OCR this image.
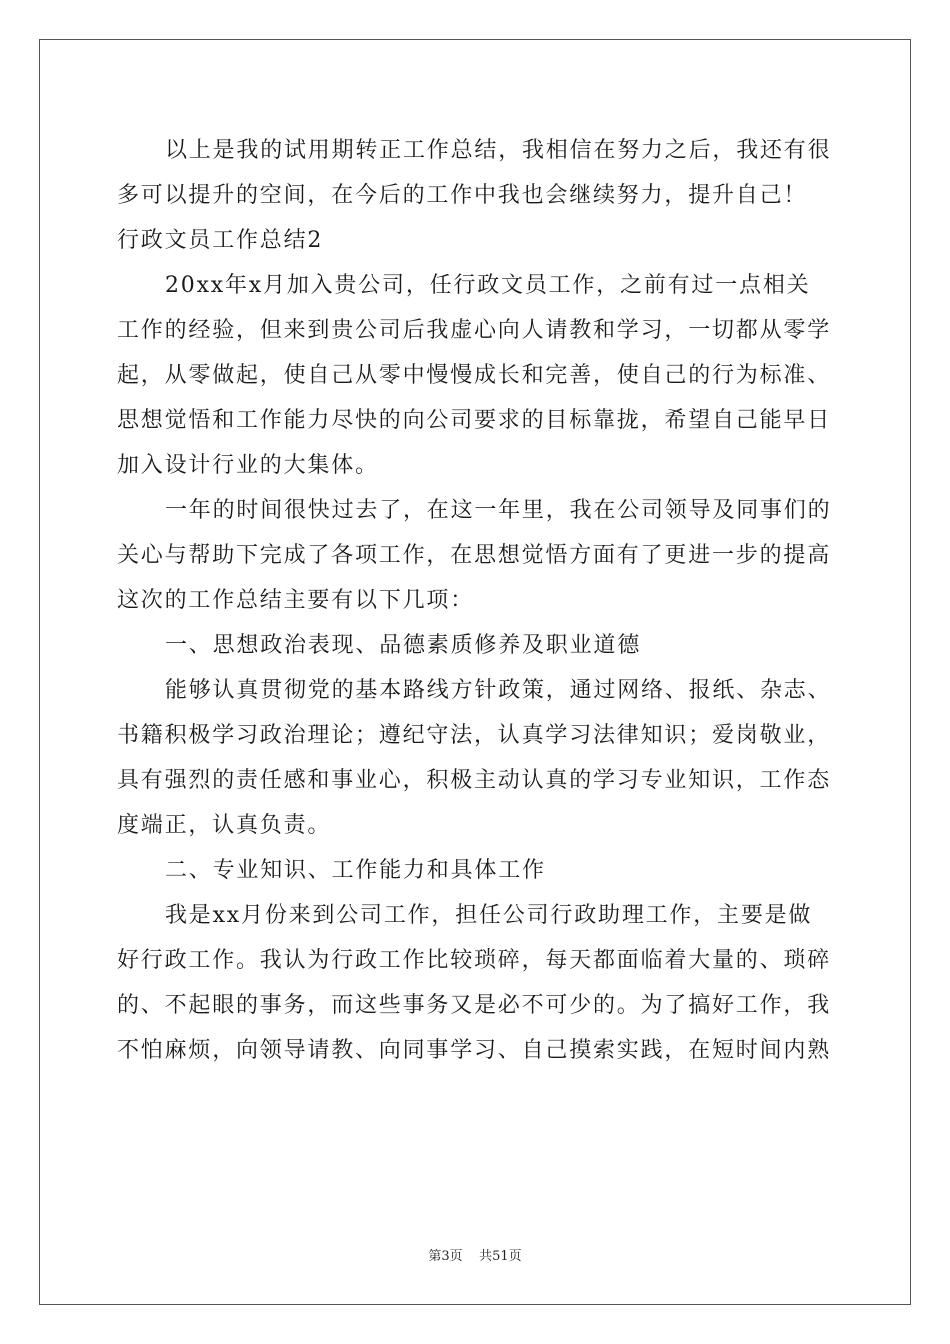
以上是我的试用期转正工作总结，我相信在努力之后，我还有很
多可以提升的空间，在今后的工作中我也会继续努力，提升自己！
行政文员工作总结2
20xx年x月加入贵公司，任行政文员工作，之前有过一点相关
工作的经验，但来到贵公司后我虚心向人请教和学习，一切都从零学
起，从零做起，使自己从零中慢慢成长和完善，使自己的行为标准、
思想觉悟和工作能力尽快的向公司要求的目标靠拢，希望自己能早日
加入设计行业的大集体。
一年的时间很快过去了，在这一年里，我在公司领导及同事们的
关心与帮助下完成了各项工作，在思想觉悟方面有了更进一步的提高
这次的工作总结主要有以下几项：
一、思想政治表现、品德素质修养及职业道德
能够认真贯彻党的基本路线方针政策，通过网络、报纸、杂志、
书籍积极学习政治理论；遵纪守法，认真学习法律知识；爱岗敬业，
具有强烈的责任感和事业心，积极主动认真的学习专业知识，工作态
度端正，认真负责。
二、专业知识、工作能力和具体工作
我是xx月份来到公司工作，担任公司行政助理工作，主要是做
好行政工作。我认为行政工作比较琐碎，每天都面临着大量的、琐碎
的、不起眼的事务，而这些事务又是必不可少的。为了搞好工作，我
不怕麻烦，向领导请教、向同事学习、自己摸索实践，在短时间内熟
第3页    共51页
